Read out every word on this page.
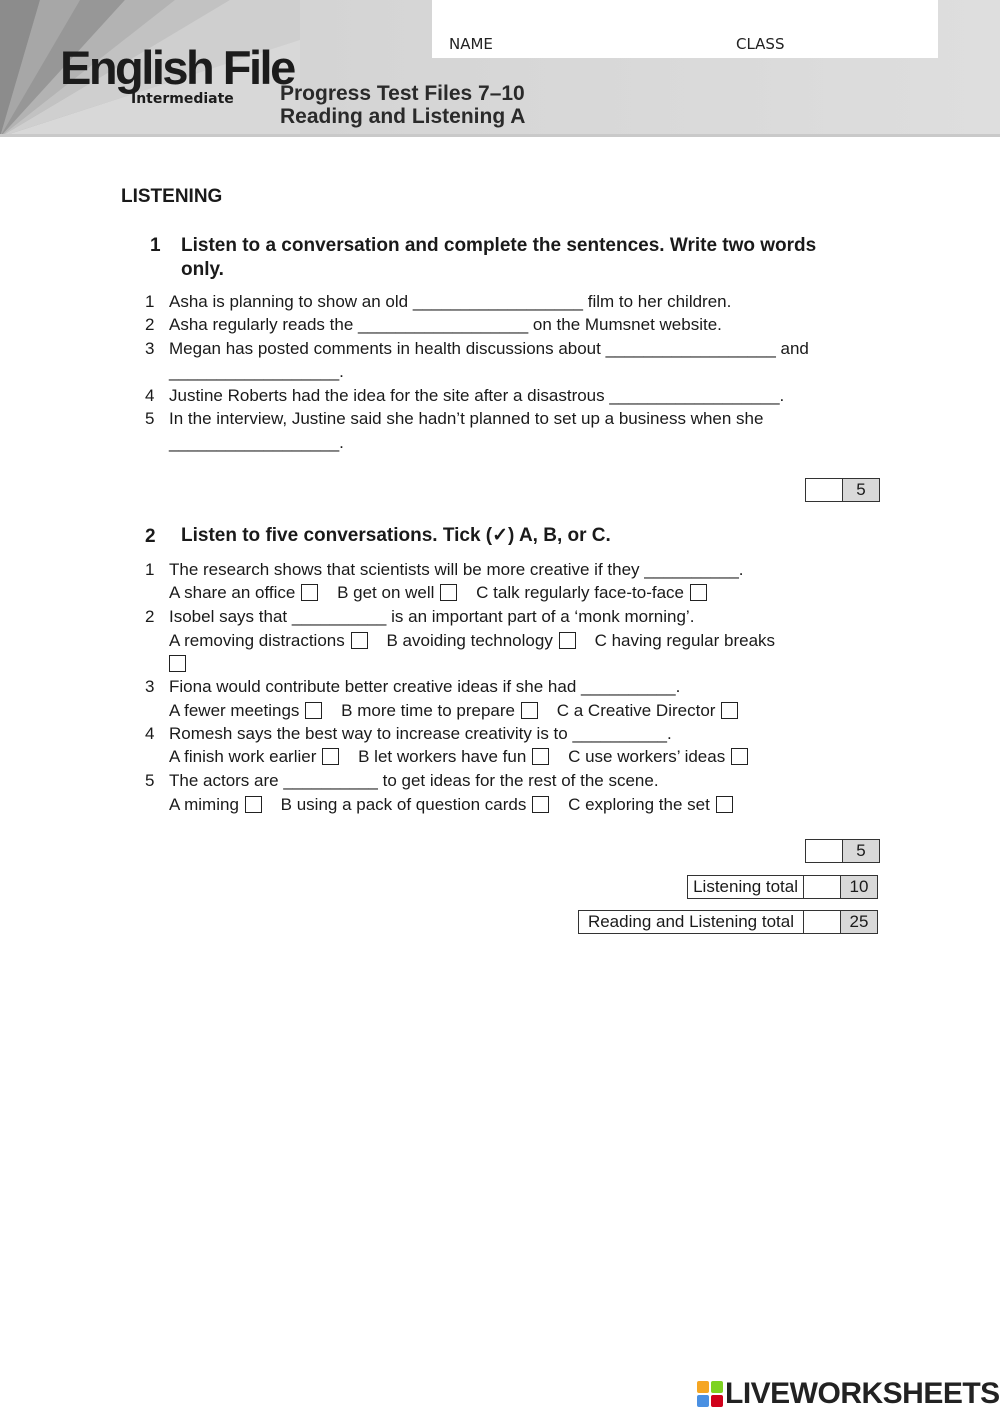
NAME	CLASS
English File
Intermediate Progress Test Files 7–10
Reading and Listening A
LISTENING
1 Listen to a conversation and complete the sentences. Write two words
only.
1 Asha is planning to show an old __________________ film to her children.
2 Asha regularly reads the __________________ on the Mumsnet website.
3 Megan has posted comments in health discussions about __________________ and
__________________.
4 Justine Roberts had the idea for the site after a disastrous __________________.
5 In the interview, Justine said she hadn’t planned to set up a business when she
__________________.
5
2 Listen to five conversations. Tick (✓) A, B, or C.
1 The research shows that scientists will be more creative if they __________.
A share an office B get on well C talk regularly face-to-face
2 Isobel says that __________ is an important part of a ‘monk morning’.
A removing distractions B avoiding technology C having regular breaks
3 Fiona would contribute better creative ideas if she had __________.
A fewer meetings B more time to prepare C a Creative Director
4 Romesh says the best way to increase creativity is to __________.
A finish work earlier B let workers have fun C use workers’ ideas
5 The actors are __________ to get ideas for the rest of the scene.
A miming B using a pack of question cards C exploring the set
5
Listening total	10
Reading and Listening total	25
LIVEWORKSHEETS
